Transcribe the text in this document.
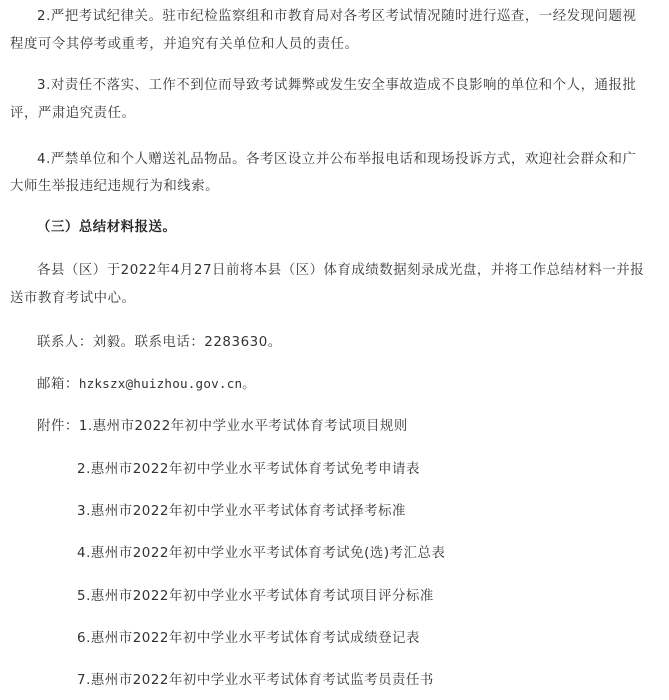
2.严把考试纪律关。驻市纪检监察组和市教育局对各考区考试情况随时进行巡查，一经发现问题视
程度可令其停考或重考，并追究有关单位和人员的责任。
3.对责任不落实、工作不到位而导致考试舞弊或发生安全事故造成不良影响的单位和个人，通报批
评，严肃追究责任。
4.严禁单位和个人赠送礼品物品。各考区设立并公布举报电话和现场投诉方式，欢迎社会群众和广
大师生举报违纪违规行为和线索。
（三）总结材料报送。
各县（区）于2022年4月27日前将本县（区）体育成绩数据刻录成光盘，并将工作总结材料一并报
送市教育考试中心。
联系人：刘毅。联系电话：2283630。
邮箱：hzkszx@huizhou.gov.cn。
附件：1.惠州市2022年初中学业水平考试体育考试项目规则
2.惠州市2022年初中学业水平考试体育考试免考申请表
3.惠州市2022年初中学业水平考试体育考试择考标准
4.惠州市2022年初中学业水平考试体育考试免(选)考汇总表
5.惠州市2022年初中学业水平考试体育考试项目评分标准
6.惠州市2022年初中学业水平考试体育考试成绩登记表
7.惠州市2022年初中学业水平考试体育考试监考员责任书
